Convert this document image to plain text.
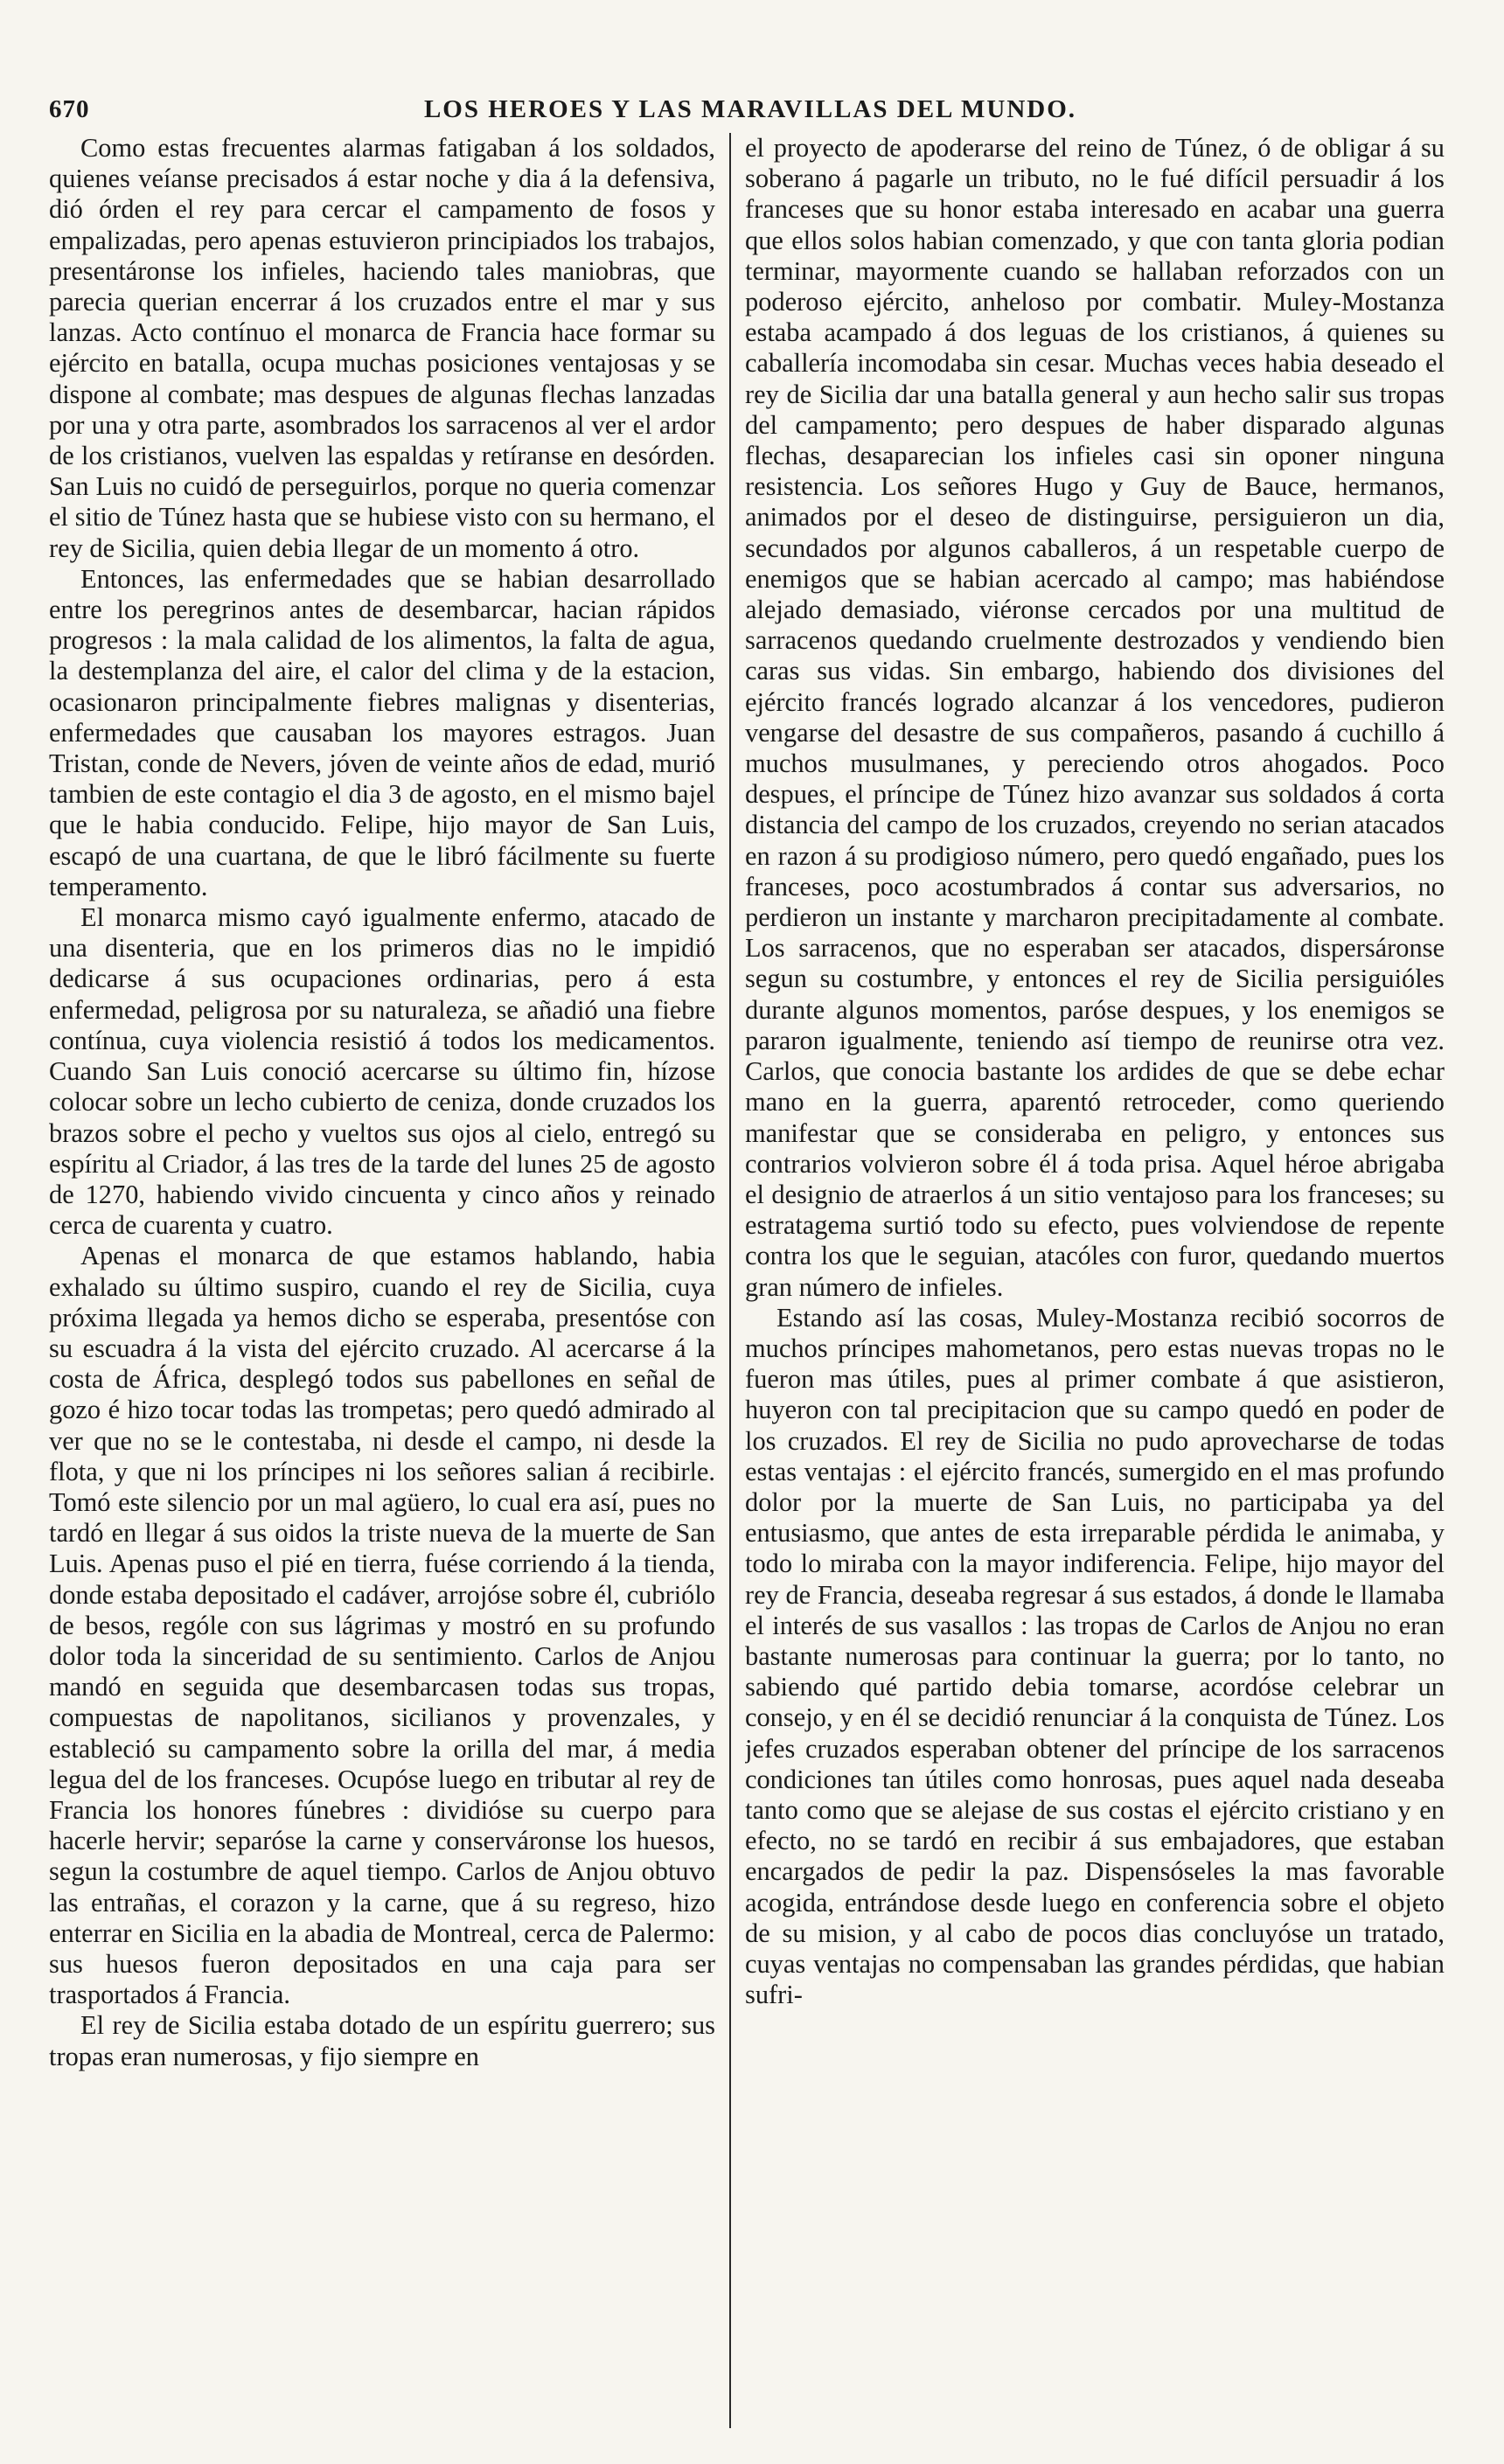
670	LOS HEROES Y LAS MARAVILLAS DEL MUNDO.

Como estas frecuentes alarmas fatigaban á los soldados, quienes veíanse precisados á estar noche y dia á la defensiva, dió órden el rey para cercar el campamento de fosos y empalizadas, pero apenas estuvieron principiados los trabajos, presentáronse los infieles, haciendo tales maniobras, que parecia querian encerrar á los cruzados entre el mar y sus lanzas. Acto contínuo el monarca de Francia hace formar su ejército en batalla, ocupa muchas posiciones ventajosas y se dispone al combate; mas despues de algunas flechas lanzadas por una y otra parte, asombrados los sarracenos al ver el ardor de los cristianos, vuelven las espaldas y retíranse en desórden. San Luis no cuidó de perseguirlos, porque no queria comenzar el sitio de Túnez hasta que se hubiese visto con su hermano, el rey de Sicilia, quien debia llegar de un momento á otro.

Entonces, las enfermedades que se habian desarrollado entre los peregrinos antes de desembarcar, hacian rápidos progresos : la mala calidad de los alimentos, la falta de agua, la destemplanza del aire, el calor del clima y de la estacion, ocasionaron principalmente fiebres malignas y disenterias, enfermedades que causaban los mayores estragos. Juan Tristan, conde de Nevers, jóven de veinte años de edad, murió tambien de este contagio el dia 3 de agosto, en el mismo bajel que le habia conducido. Felipe, hijo mayor de San Luis, escapó de una cuartana, de que le libró fácilmente su fuerte temperamento.

El monarca mismo cayó igualmente enfermo, atacado de una disenteria, que en los primeros dias no le impidió dedicarse á sus ocupaciones ordinarias, pero á esta enfermedad, peligrosa por su naturaleza, se añadió una fiebre contínua, cuya violencia resistió á todos los medicamentos. Cuando San Luis conoció acercarse su último fin, hízose colocar sobre un lecho cubierto de ceniza, donde cruzados los brazos sobre el pecho y vueltos sus ojos al cielo, entregó su espíritu al Criador, á las tres de la tarde del lunes 25 de agosto de 1270, habiendo vivido cincuenta y cinco años y reinado cerca de cuarenta y cuatro.

Apenas el monarca de que estamos hablando, habia exhalado su último suspiro, cuando el rey de Sicilia, cuya próxima llegada ya hemos dicho se esperaba, presentóse con su escuadra á la vista del ejército cruzado. Al acercarse á la costa de África, desplegó todos sus pabellones en señal de gozo é hizo tocar todas las trompetas; pero quedó admirado al ver que no se le contestaba, ni desde el campo, ni desde la flota, y que ni los príncipes ni los señores salian á recibirle. Tomó este silencio por un mal agüero, lo cual era así, pues no tardó en llegar á sus oidos la triste nueva de la muerte de San Luis. Apenas puso el pié en tierra, fuése corriendo á la tienda, donde estaba depositado el cadáver, arrojóse sobre él, cubriólo de besos, rególe con sus lágrimas y mostró en su profundo dolor toda la sinceridad de su sentimiento. Carlos de Anjou mandó en seguida que desembarcasen todas sus tropas, compuestas de napolitanos, sicilianos y provenzales, y estableció su campamento sobre la orilla del mar, á media legua del de los franceses. Ocupóse luego en tributar al rey de Francia los honores fúnebres : dividióse su cuerpo para hacerle hervir; separóse la carne y conserváronse los huesos, segun la costumbre de aquel tiempo. Carlos de Anjou obtuvo las entrañas, el corazon y la carne, que á su regreso, hizo enterrar en Sicilia en la abadia de Montreal, cerca de Palermo: sus huesos fueron depositados en una caja para ser trasportados á Francia.

El rey de Sicilia estaba dotado de un espíritu guerrero; sus tropas eran numerosas, y fijo siempre en

el proyecto de apoderarse del reino de Túnez, ó de obligar á su soberano á pagarle un tributo, no le fué difícil persuadir á los franceses que su honor estaba interesado en acabar una guerra que ellos solos habian comenzado, y que con tanta gloria podian terminar, mayormente cuando se hallaban reforzados con un poderoso ejército, anheloso por combatir. Muley-Mostanza estaba acampado á dos leguas de los cristianos, á quienes su caballería incomodaba sin cesar. Muchas veces habia deseado el rey de Sicilia dar una batalla general y aun hecho salir sus tropas del campamento; pero despues de haber disparado algunas flechas, desaparecian los infieles casi sin oponer ninguna resistencia. Los señores Hugo y Guy de Bauce, hermanos, animados por el deseo de distinguirse, persiguieron un dia, secundados por algunos caballeros, á un respetable cuerpo de enemigos que se habian acercado al campo; mas habiéndose alejado demasiado, viéronse cercados por una multitud de sarracenos quedando cruelmente destrozados y vendiendo bien caras sus vidas. Sin embargo, habiendo dos divisiones del ejército francés logrado alcanzar á los vencedores, pudieron vengarse del desastre de sus compañeros, pasando á cuchillo á muchos musulmanes, y pereciendo otros ahogados. Poco despues, el príncipe de Túnez hizo avanzar sus soldados á corta distancia del campo de los cruzados, creyendo no serian atacados en razon á su prodigioso número, pero quedó engañado, pues los franceses, poco acostumbrados á contar sus adversarios, no perdieron un instante y marcharon precipitadamente al combate. Los sarracenos, que no esperaban ser atacados, dispersáronse segun su costumbre, y entonces el rey de Sicilia persiguióles durante algunos momentos, paróse despues, y los enemigos se pararon igualmente, teniendo así tiempo de reunirse otra vez. Carlos, que conocia bastante los ardides de que se debe echar mano en la guerra, aparentó retroceder, como queriendo manifestar que se consideraba en peligro, y entonces sus contrarios volvieron sobre él á toda prisa. Aquel héroe abrigaba el designio de atraerlos á un sitio ventajoso para los franceses; su estratagema surtió todo su efecto, pues volviendose de repente contra los que le seguian, atacóles con furor, quedando muertos gran número de infieles.

Estando así las cosas, Muley-Mostanza recibió socorros de muchos príncipes mahometanos, pero estas nuevas tropas no le fueron mas útiles, pues al primer combate á que asistieron, huyeron con tal precipitacion que su campo quedó en poder de los cruzados. El rey de Sicilia no pudo aprovecharse de todas estas ventajas : el ejército francés, sumergido en el mas profundo dolor por la muerte de San Luis, no participaba ya del entusiasmo, que antes de esta irreparable pérdida le animaba, y todo lo miraba con la mayor indiferencia. Felipe, hijo mayor del rey de Francia, deseaba regresar á sus estados, á donde le llamaba el interés de sus vasallos : las tropas de Carlos de Anjou no eran bastante numerosas para continuar la guerra; por lo tanto, no sabiendo qué partido debia tomarse, acordóse celebrar un consejo, y en él se decidió renunciar á la conquista de Túnez. Los jefes cruzados esperaban obtener del príncipe de los sarracenos condiciones tan útiles como honrosas, pues aquel nada deseaba tanto como que se alejase de sus costas el ejército cristiano y en efecto, no se tardó en recibir á sus embajadores, que estaban encargados de pedir la paz. Dispensóseles la mas favorable acogida, entrándose desde luego en conferencia sobre el objeto de su mision, y al cabo de pocos dias concluyóse un tratado, cuyas ventajas no compensaban las grandes pérdidas, que habian sufri-
